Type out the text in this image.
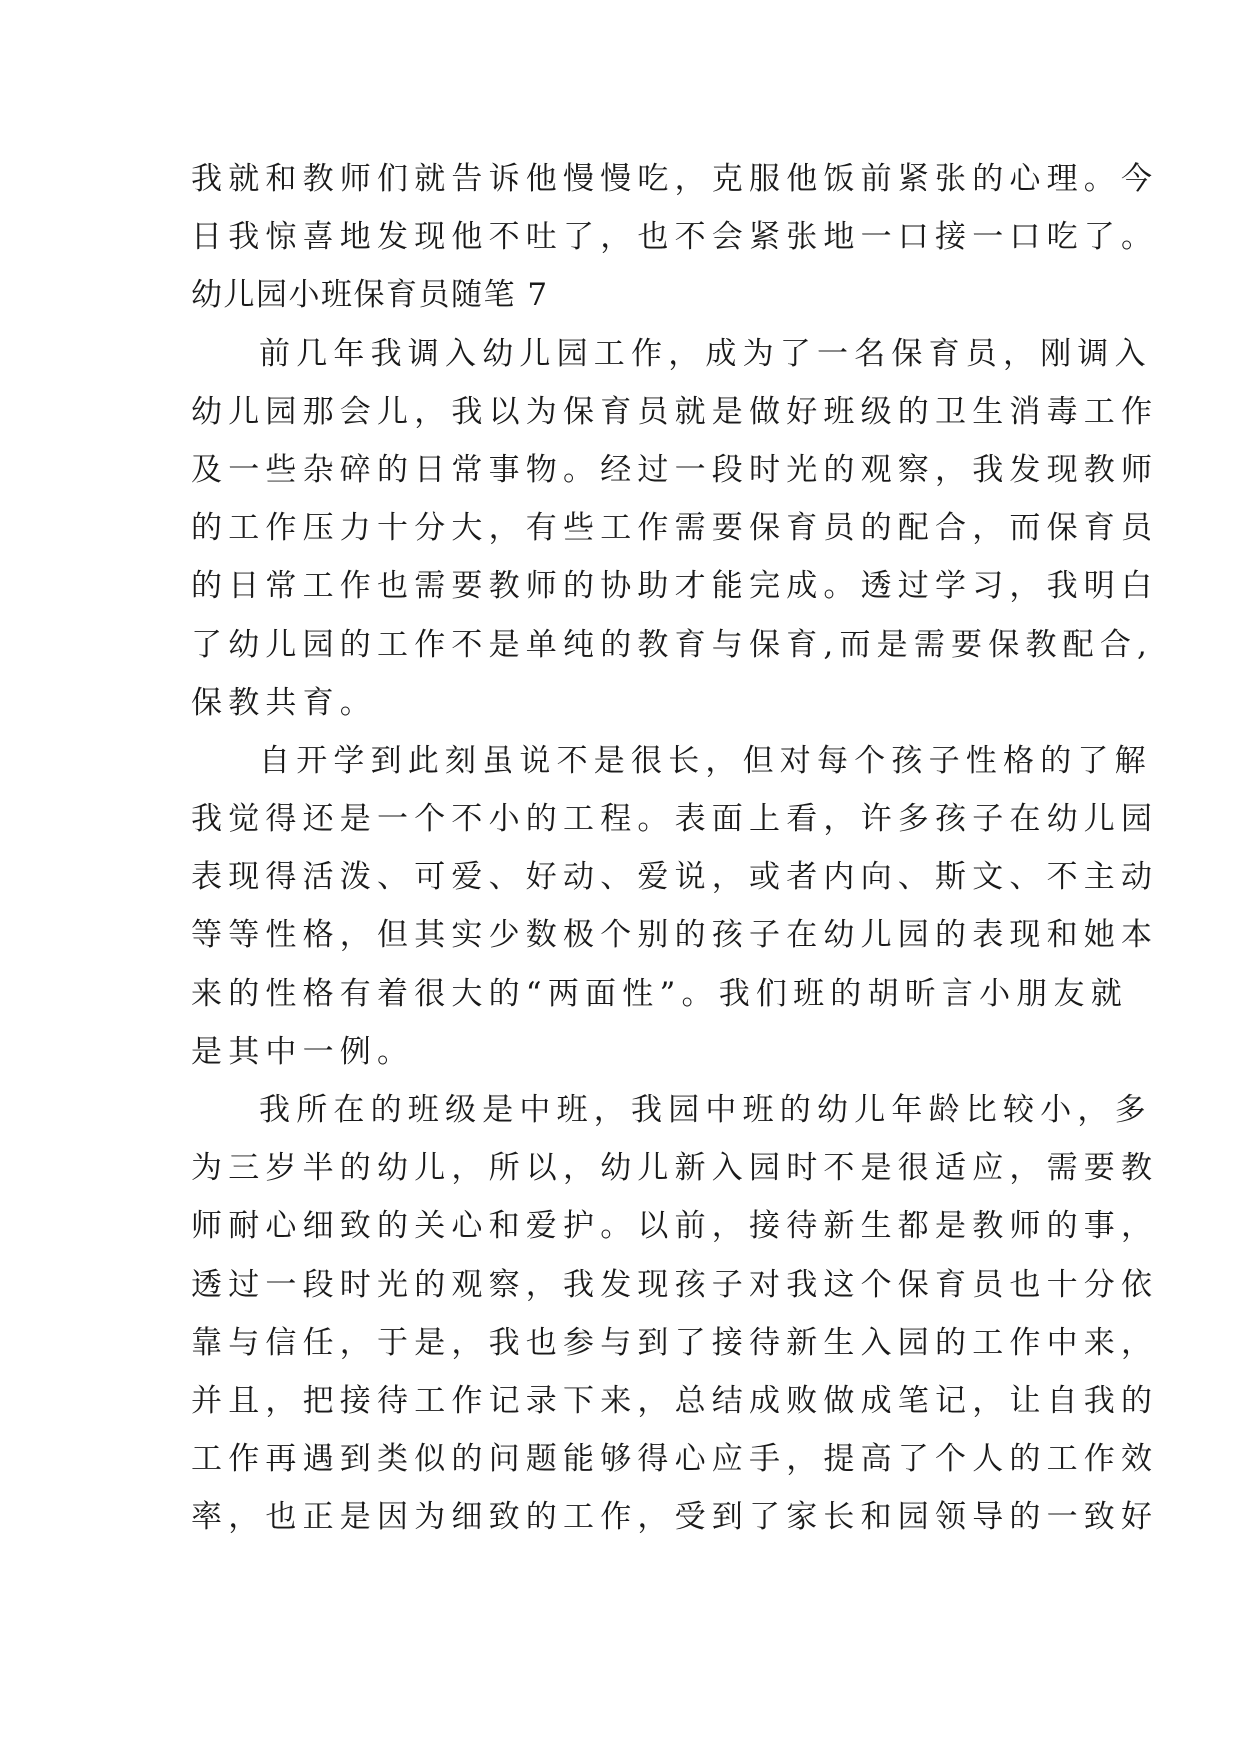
我就和教师们就告诉他慢慢吃，克服他饭前紧张的心理。今
日我惊喜地发现他不吐了，也不会紧张地一口接一口吃了。
幼儿园小班保育员随笔 7
前几年我调入幼儿园工作，成为了一名保育员，刚调入
幼儿园那会儿，我以为保育员就是做好班级的卫生消毒工作
及一些杂碎的日常事物。经过一段时光的观察，我发现教师
的工作压力十分大，有些工作需要保育员的配合，而保育员
的日常工作也需要教师的协助才能完成。透过学习，我明白
了幼儿园的工作不是单纯的教育与保育,而是需要保教配合,
保教共育。
自开学到此刻虽说不是很长，但对每个孩子性格的了解
我觉得还是一个不小的工程。表面上看，许多孩子在幼儿园
表现得活泼、可爱、好动、爱说，或者内向、斯文、不主动
等等性格，但其实少数极个别的孩子在幼儿园的表现和她本
来的性格有着很大的“两面性”。我们班的胡昕言小朋友就
是其中一例。
我所在的班级是中班，我园中班的幼儿年龄比较小，多
为三岁半的幼儿，所以，幼儿新入园时不是很适应，需要教
师耐心细致的关心和爱护。以前，接待新生都是教师的事，
透过一段时光的观察，我发现孩子对我这个保育员也十分依
靠与信任，于是，我也参与到了接待新生入园的工作中来，
并且，把接待工作记录下来，总结成败做成笔记，让自我的
工作再遇到类似的问题能够得心应手，提高了个人的工作效
率，也正是因为细致的工作，受到了家长和园领导的一致好
